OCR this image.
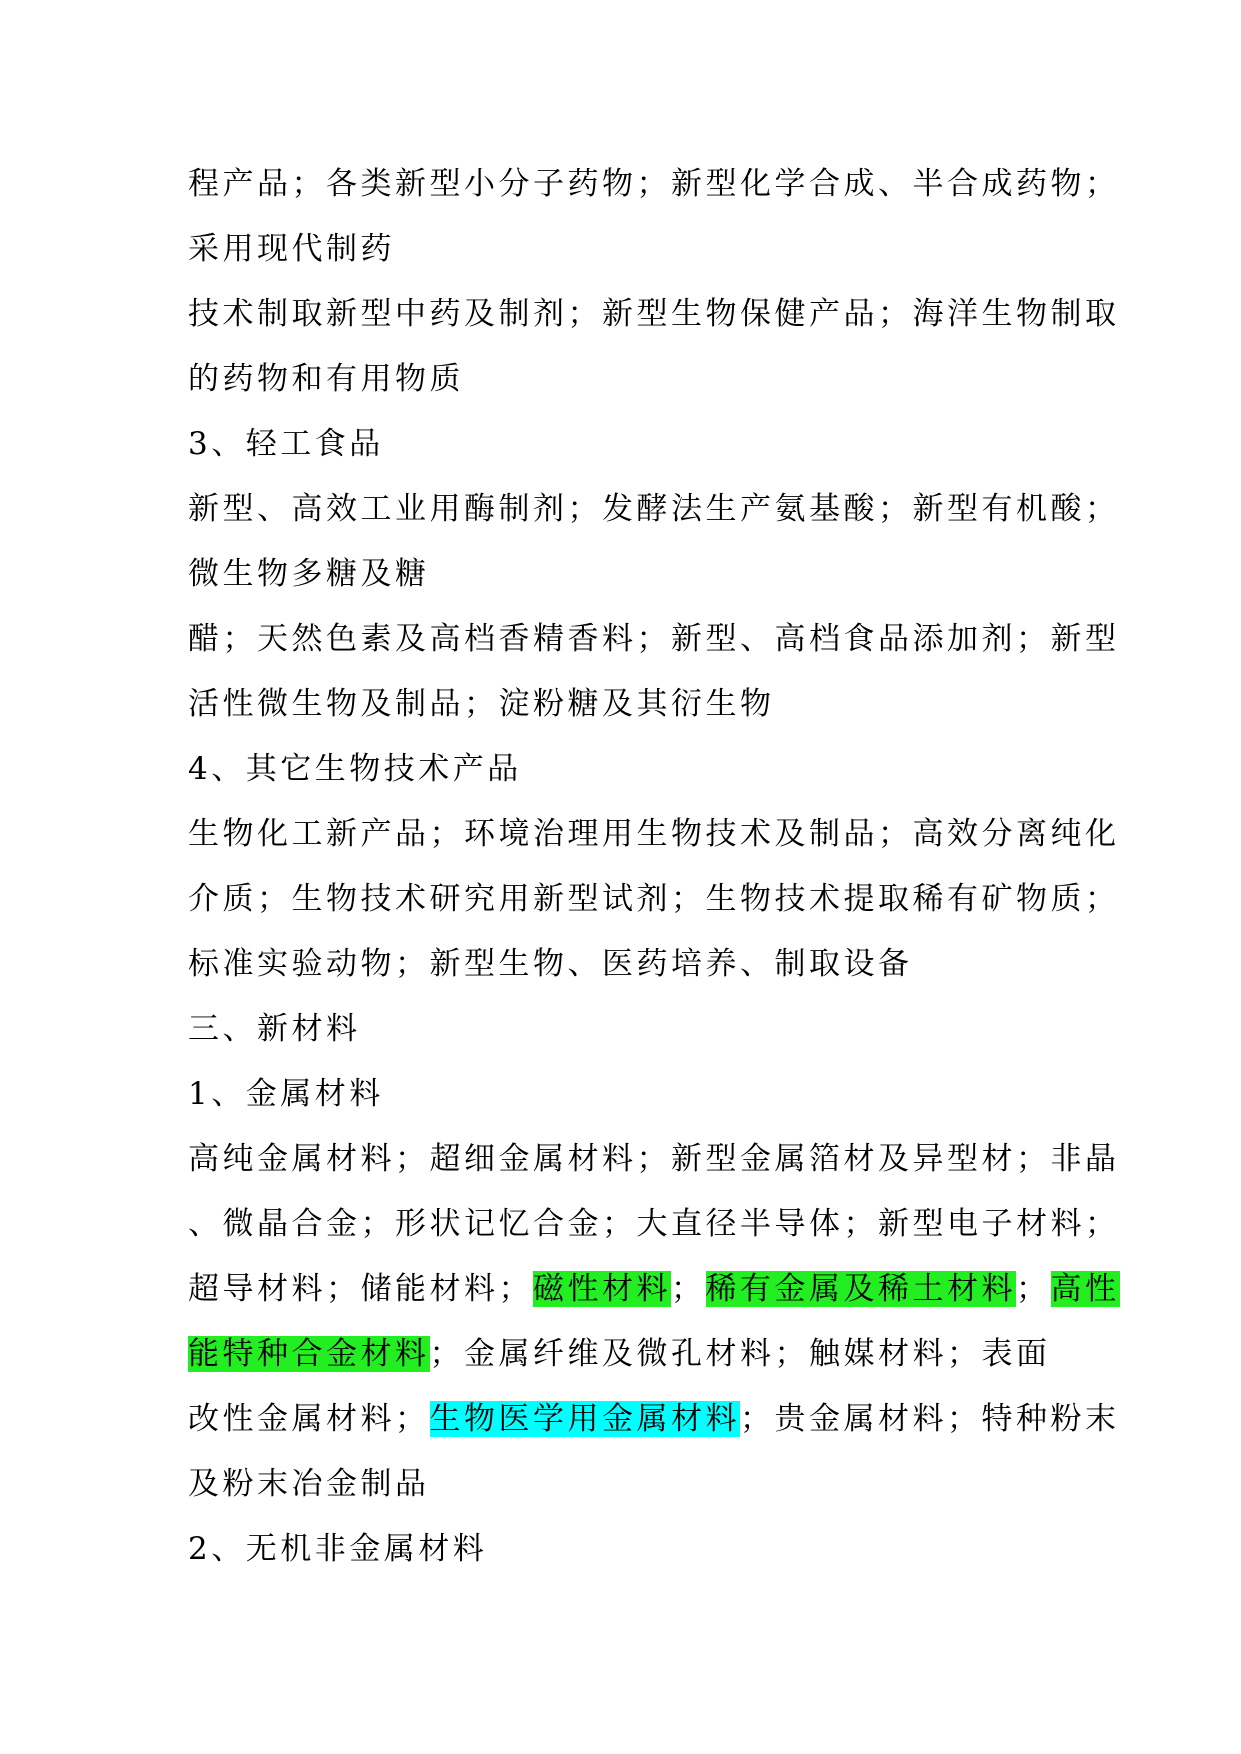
程产品；各类新型小分子药物；新型化学合成、半合成药物；
采用现代制药
技术制取新型中药及制剂；新型生物保健产品；海洋生物制取
的药物和有用物质
3、轻工食品
新型、高效工业用酶制剂；发酵法生产氨基酸；新型有机酸；
微生物多糖及糖
醋；天然色素及高档香精香料；新型、高档食品添加剂；新型
活性微生物及制品；淀粉糖及其衍生物
4、其它生物技术产品
生物化工新产品；环境治理用生物技术及制品；高效分离纯化
介质；生物技术研究用新型试剂；生物技术提取稀有矿物质；
标准实验动物；新型生物、医药培养、制取设备
三、新材料
1、金属材料
高纯金属材料；超细金属材料；新型金属箔材及异型材；非晶
、微晶合金；形状记忆合金；大直径半导体；新型电子材料；
超导材料；储能材料；磁性材料；稀有金属及稀土材料；高性
能特种合金材料；金属纤维及微孔材料；触媒材料；表面
改性金属材料；生物医学用金属材料；贵金属材料；特种粉末
及粉末冶金制品
2、无机非金属材料
